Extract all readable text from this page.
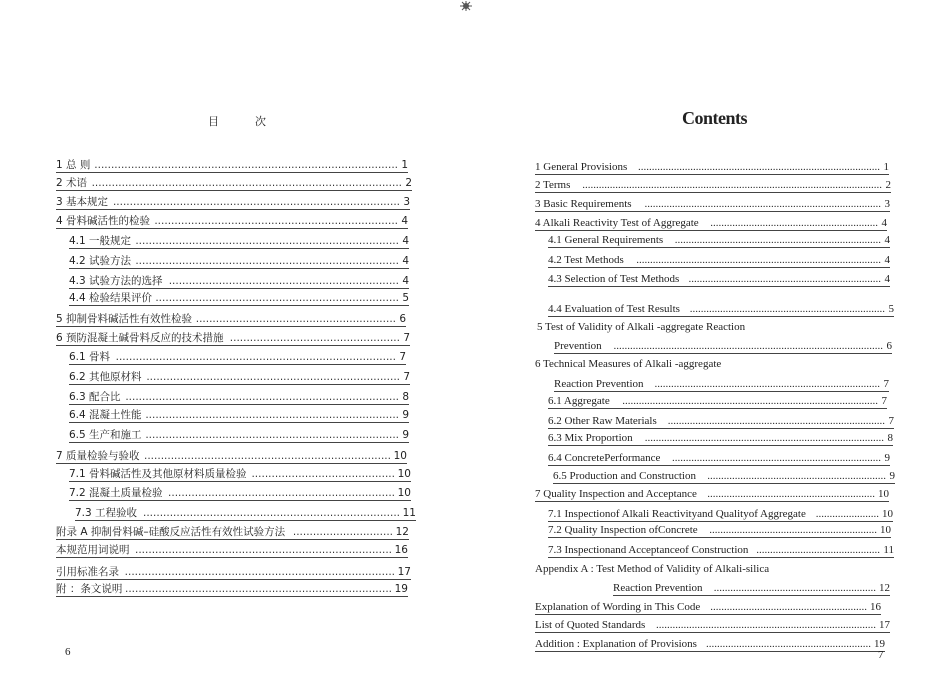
目	次
1 总 则 ........................................................................................... 1
2 术语 ............................................................................................. 2
3 基本规定 ...................................................................................... 3
4 骨料碱活性的检验 ......................................................................... 4
4.1 一般规定 ............................................................................... 4
4.2 试验方法 ............................................................................... 4
4.3 试验方法的选择 ..................................................................... 4
4.4 检验结果评价 ......................................................................... 5
5 抑制骨料碱活性有效性检验 ............................................................ 6
6 预防混凝土碱骨料反应的技术措施 ................................................... 7
6.1 骨料 .................................................................................... 7
6.2 其他原材料 ............................................................................ 7
6.3 配合比 .................................................................................. 8
6.4 混凝土性能 ............................................................................ 9
6.5 生产和施工 ............................................................................ 9
7 质量检验与验收 .......................................................................... 10
7.1 骨料碱活性及其他原材料质量检验 ........................................... 10
7.2 混凝土质量检验 .................................................................... 10
7.3 工程验收 ............................................................................. 11
附录 A 抑制骨料碱–硅酸反应活性有效性试验方法 .............................. 12
本规范用词说明 ............................................................................. 16
引用标准名录 ................................................................................. 17
附 ：条文说明 ................................................................................ 19
6
Contents
1 General Provisions ........................................................................................ 1
2 Terms ............................................................................................................. 2
3 Basic Requirements ...................................................................................... 3
4 Alkali Reactivity Test of Aggregate ............................................................. 4
4.1 General Requirements ........................................................................... 4
4.2 Test Methods ......................................................................................... 4
4.3 Selection of Test Methods ...................................................................... 4
4.4 Evaluation of Test Results ....................................................................... 5
5 Test of Validity of Alkali -aggregate Reaction
Prevention .................................................................................................. 6
6 Technical Measures of Alkali -aggregate
Reaction Prevention .................................................................................. 7
6.1 Aggregate ............................................................................................. 7
6.2 Other Raw Materials ............................................................................... 7
6.3 Mix Proportion ....................................................................................... 8
6.4 ConcretePerformance ............................................................................ 9
6.5 Production and Construction ................................................................. 9
7 Quality Inspection and Acceptance ............................................................. 10
7.1 Inspectionof Alkali Reactivityand Qualityof Aggregate ....................... 10
7.2 Quality Inspection ofConcrete ............................................................. 10
7.3 Inspectionand Acceptanceof Construction ............................................. 11
Appendix A : Test Method of Validity of Alkali-silica
Reaction Prevention ........................................................... 12
Explanation of Wording in This Code ......................................................... 16
List of Quoted Standards ................................................................................ 17
Addition : Explanation of Provisions ............................................................ 19
7
